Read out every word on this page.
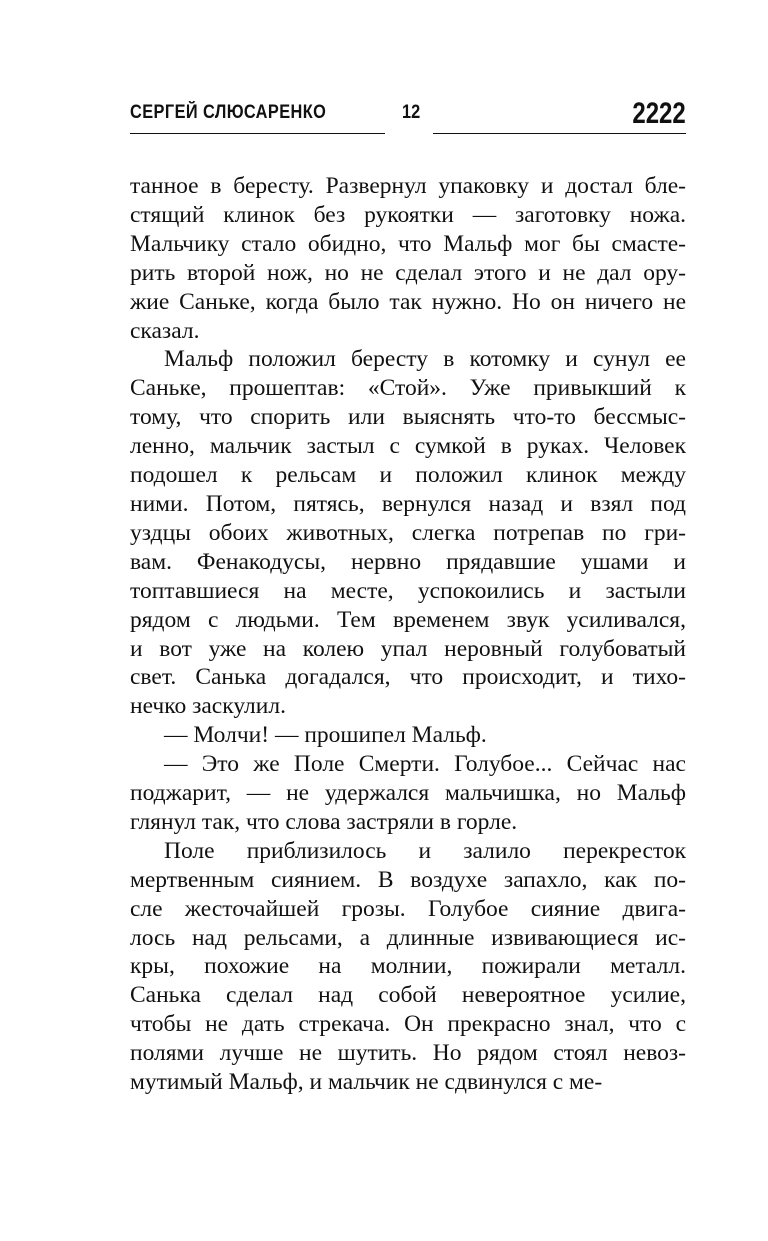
СЕРГЕЙ СЛЮСАРЕНКО	12	2222
танное в бересту. Развернул упаковку и достал бле-
стящий клинок без рукоятки — заготовку ножа.
Мальчику стало обидно, что Мальф мог бы смасте-
рить второй нож, но не сделал этого и не дал ору-
жие Саньке, когда было так нужно. Но он ничего не
сказал.
Мальф положил бересту в котомку и сунул ее
Саньке, прошептав: «Стой». Уже привыкший к
тому, что спорить или выяснять что-то бессмыс-
ленно, мальчик застыл с сумкой в руках. Человек
подошел к рельсам и положил клинок между
ними. Потом, пятясь, вернулся назад и взял под
уздцы обоих животных, слегка потрепав по гри-
вам. Фенакодусы, нервно прядавшие ушами и
топтавшиеся на месте, успокоились и застыли
рядом с людьми. Тем временем звук усиливался,
и вот уже на колею упал неровный голубоватый
свет. Санька догадался, что происходит, и тихо-
нечко заскулил.
— Молчи! — прошипел Мальф.
— Это же Поле Смерти. Голубое... Сейчас нас
поджарит, — не удержался мальчишка, но Мальф
глянул так, что слова застряли в горле.
Поле приблизилось и залило перекресток
мертвенным сиянием. В воздухе запахло, как по-
сле жесточайшей грозы. Голубое сияние двига-
лось над рельсами, а длинные извивающиеся ис-
кры, похожие на молнии, пожирали металл.
Санька сделал над собой невероятное усилие,
чтобы не дать стрекача. Он прекрасно знал, что с
полями лучше не шутить. Но рядом стоял невоз-
мутимый Мальф, и мальчик не сдвинулся с ме-
